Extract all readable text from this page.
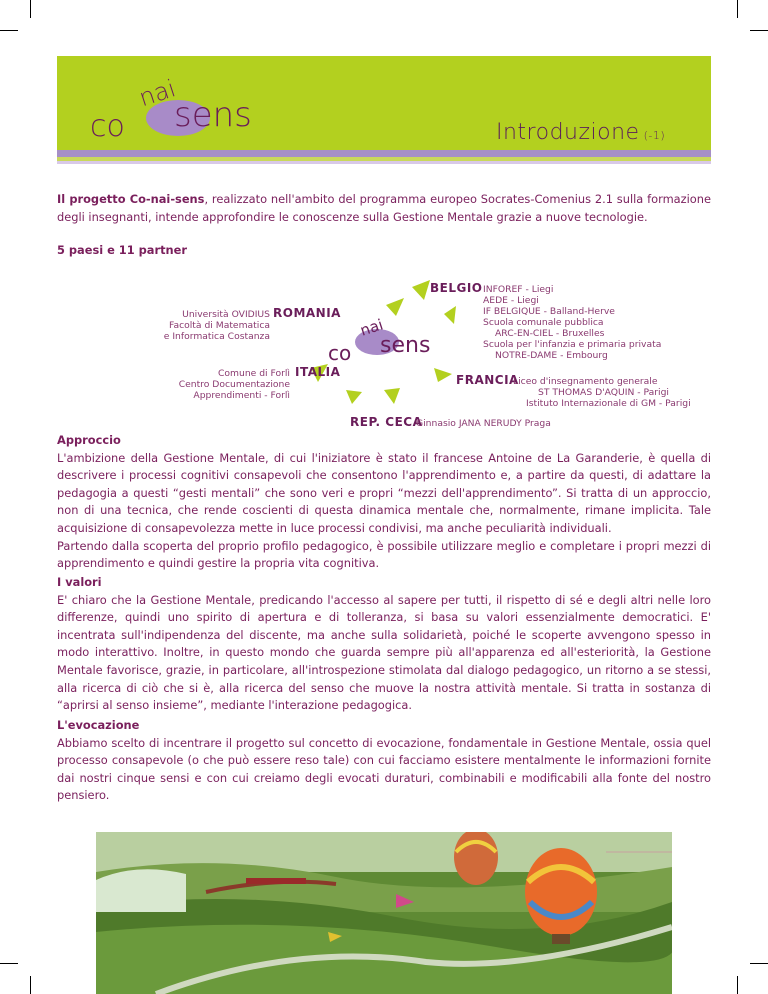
co
nai
sens	Introduzione (-1)
Il progetto Co-nai-sens, realizzato nell'ambito del programma europeo Socrates-Comenius 2.1 sulla formazione degli insegnanti, intende approfondire le conoscenze sulla Gestione Mentale grazie a nuove tecnologie.
5 paesi e 11 partner
co
nai
sens
BELGIO INFOREF - Liegi
AEDE - Liegi
IF BELGIQUE - Balland-Herve
Scuola comunale pubblica
ARC-EN-CIEL - Bruxelles
Scuola per l'infanzia e primaria privata
NOTRE-DAME - Embourg
Università OVIDIUS
Facoltà di Matematica
e Informatica Costanza
ROMANIA
Comune di Forlì
Centro Documentazione
Apprendimenti - Forlì
ITALIA
FRANCIA
Liceo d'insegnamento generale
ST THOMAS D'AQUIN - Parigi
Istituto Internazionale di GM - Parigi
REP. CECA
Ginnasio JANA NERUDY Praga
Approccio
L'ambizione della Gestione Mentale, di cui l'iniziatore è stato il francese Antoine de La Garanderie, è quella di descrivere i processi cognitivi consapevoli che consentono l'apprendimento e, a partire da questi, di adattare la pedagogia a questi “gesti mentali” che sono veri e propri “mezzi dell'apprendimento”. Si tratta di un approccio, non di una tecnica, che rende coscienti di questa dinamica mentale che, normalmente, rimane implicita. Tale acquisizione di consapevolezza mette in luce processi condivisi, ma anche peculiarità individuali.
Partendo dalla scoperta del proprio profilo pedagogico, è possibile utilizzare meglio e completare i propri mezzi di apprendimento e quindi gestire la propria vita cognitiva.
I valori
E' chiaro che la Gestione Mentale, predicando l'accesso al sapere per tutti, il rispetto di sé e degli altri nelle loro differenze, quindi uno spirito di apertura e di tolleranza, si basa su valori essenzialmente democratici. E' incentrata sull'indipendenza del discente, ma anche sulla solidarietà, poiché le scoperte avvengono spesso in modo interattivo. Inoltre, in questo mondo che guarda sempre più all'apparenza ed all'esteriorità, la Gestione Mentale favorisce, grazie, in particolare, all'introspezione stimolata dal dialogo pedagogico, un ritorno a se stessi, alla ricerca di ciò che si è, alla ricerca del senso che muove la nostra attività mentale. Si tratta in sostanza di “aprirsi al senso insieme”, mediante l'interazione pedagogica.
L'evocazione
Abbiamo scelto di incentrare il progetto sul concetto di evocazione, fondamentale in Gestione Mentale, ossia quel processo consapevole (o che può essere reso tale) con cui facciamo esistere mentalmente le informazioni fornite dai nostri cinque sensi e con cui creiamo degli evocati duraturi, combinabili e modificabili alla fonte del nostro pensiero.
